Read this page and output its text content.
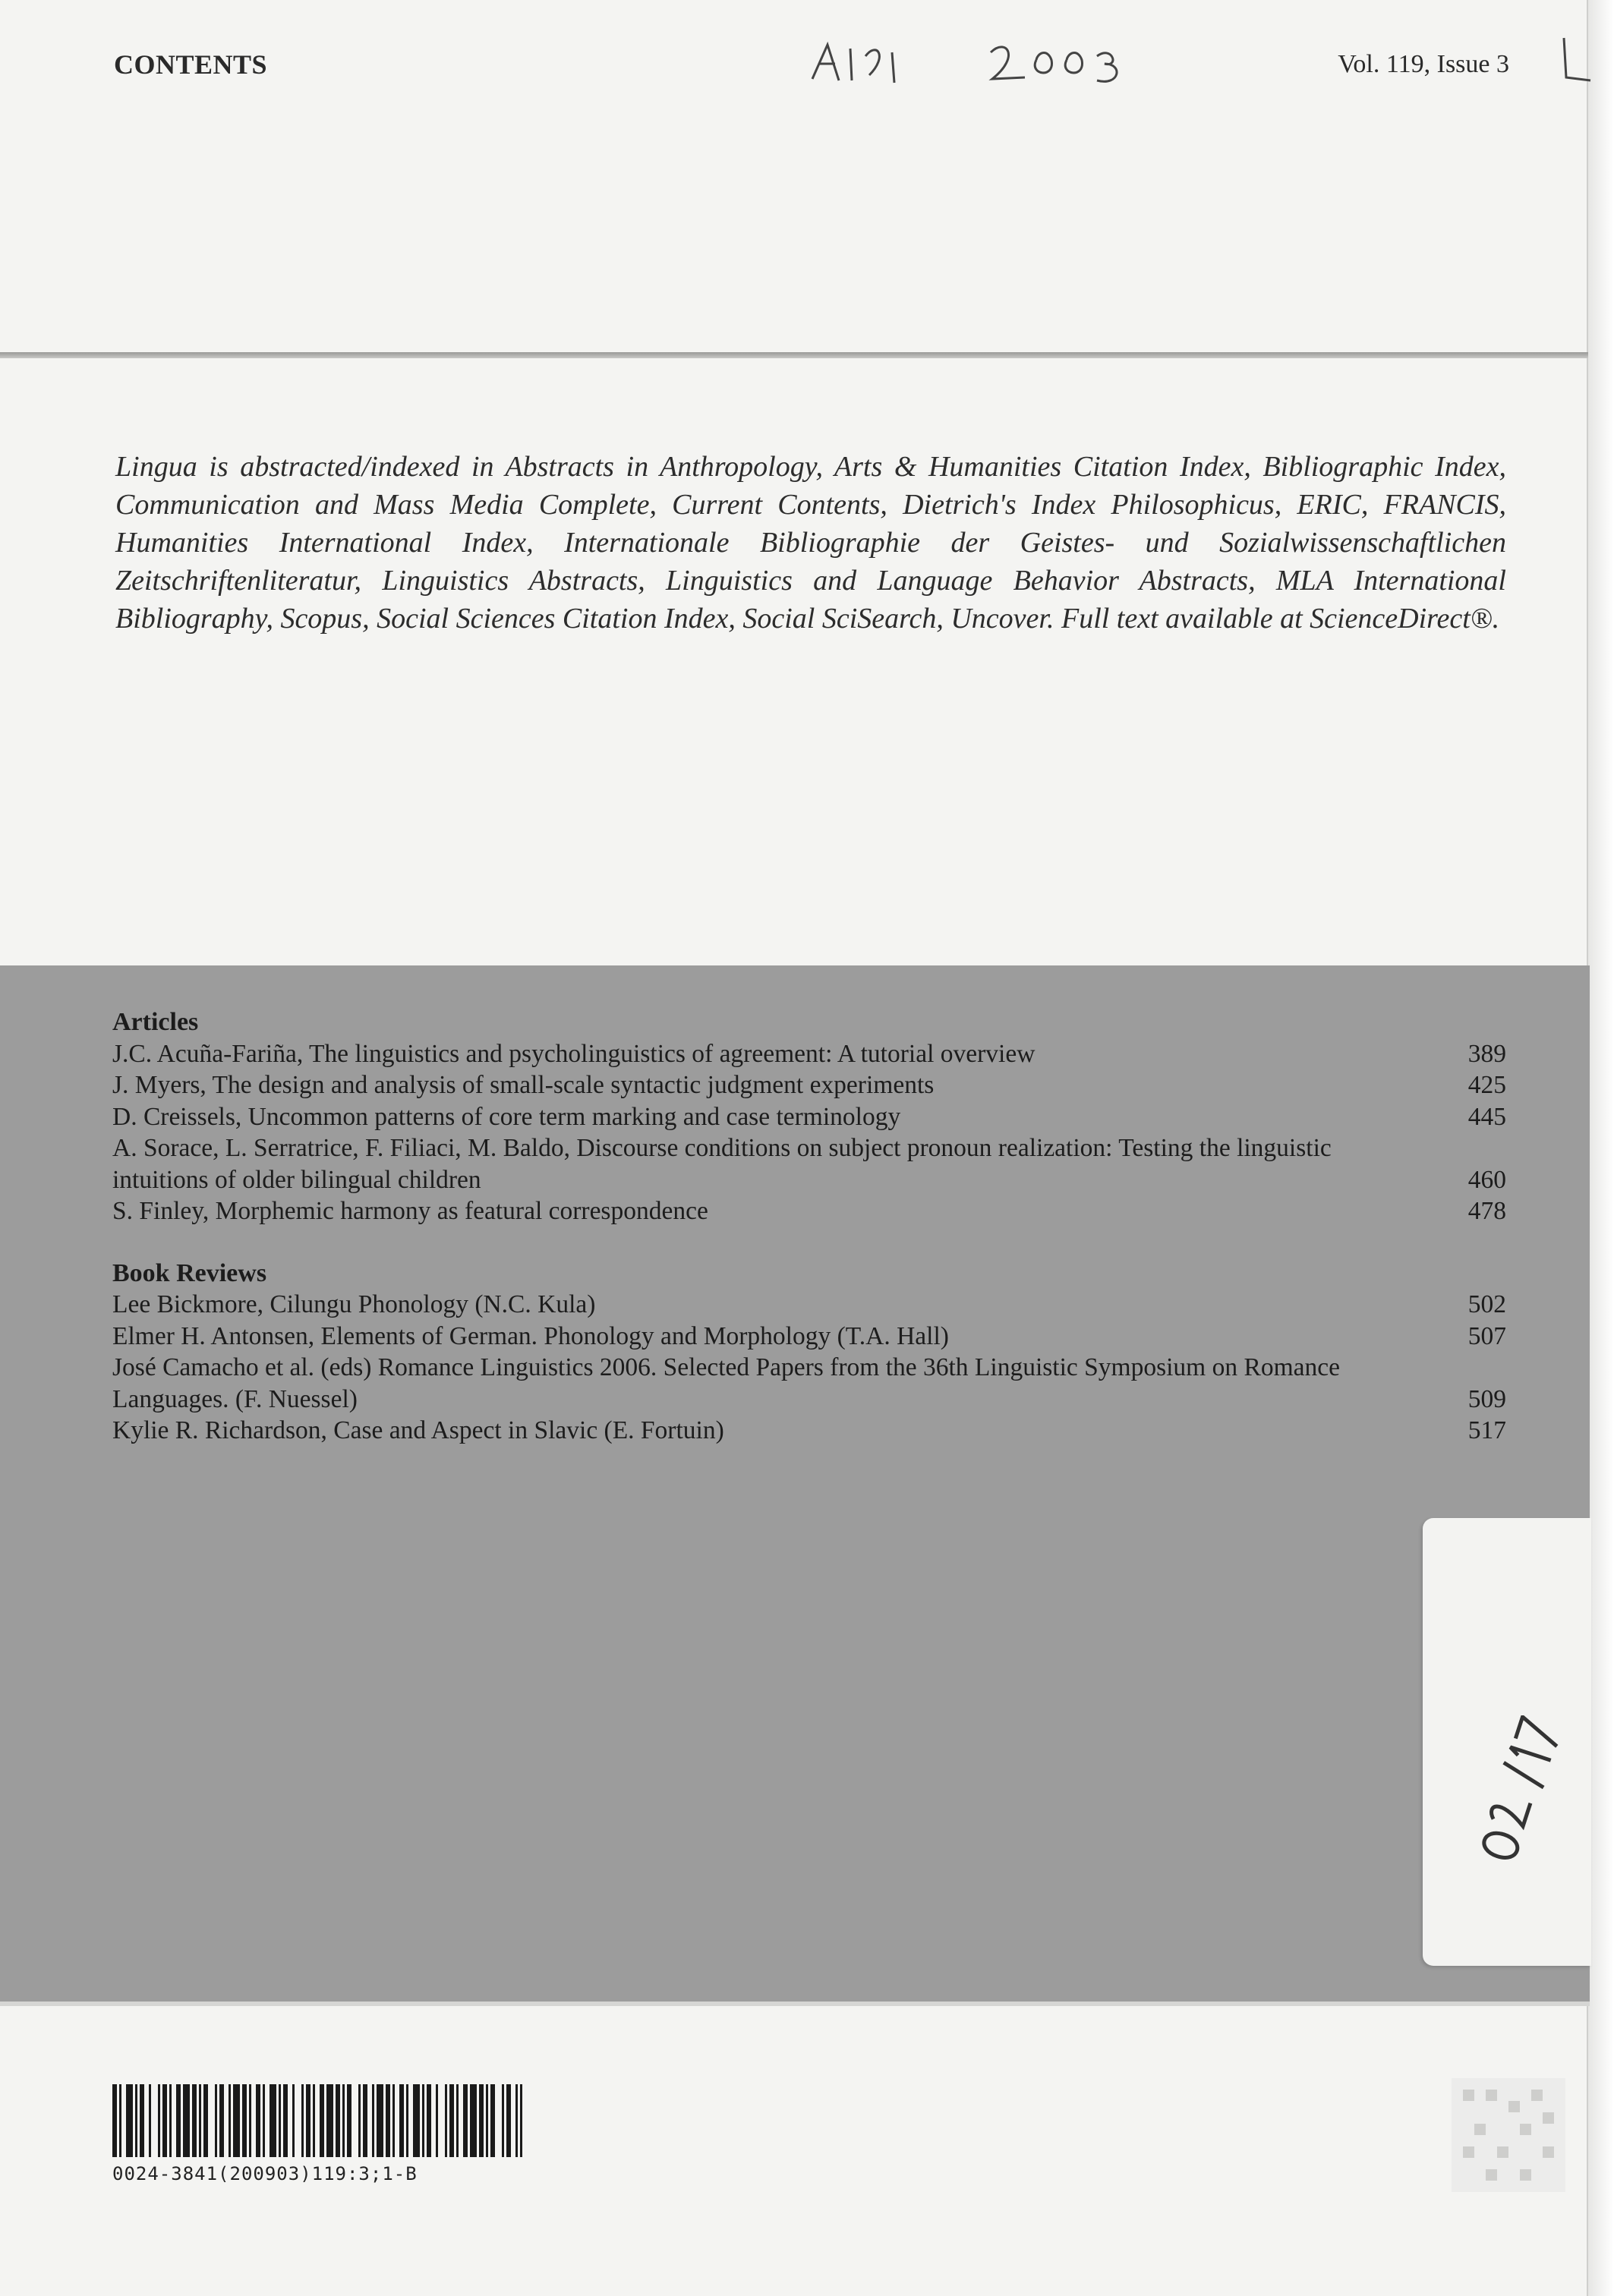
CONTENTS	Vol. 119, Issue 3
Lingua is abstracted/indexed in Abstracts in Anthropology, Arts & Humanities Citation Index, Bibliographic Index, Communication and Mass Media Complete, Current Contents, Dietrich's Index Philosophicus, ERIC, FRANCIS, Humanities International Index, Internationale Bibliographie der Geistes- und Sozialwissenschaftlichen Zeitschriftenliteratur, Linguistics Abstracts, Linguistics and Language Behavior Abstracts, MLA International Bibliography, Scopus, Social Sciences Citation Index, Social SciSearch, Uncover. Full text available at ScienceDirect®.
Articles
J.C. Acuña-Fariña, The linguistics and psycholinguistics of agreement: A tutorial overview	389
J. Myers, The design and analysis of small-scale syntactic judgment experiments	425
D. Creissels, Uncommon patterns of core term marking and case terminology	445
A. Sorace, L. Serratrice, F. Filiaci, M. Baldo, Discourse conditions on subject pronoun realization: Testing the linguistic intuitions of older bilingual children	460
S. Finley, Morphemic harmony as featural correspondence	478
Book Reviews
Lee Bickmore, Cilungu Phonology (N.C. Kula)	502
Elmer H. Antonsen, Elements of German. Phonology and Morphology (T.A. Hall)	507
José Camacho et al. (eds) Romance Linguistics 2006. Selected Papers from the 36th Linguistic Symposium on Romance Languages. (F. Nuessel)	509
Kylie R. Richardson, Case and Aspect in Slavic (E. Fortuin)	517
0024-3841(200903)119:3;1-B
